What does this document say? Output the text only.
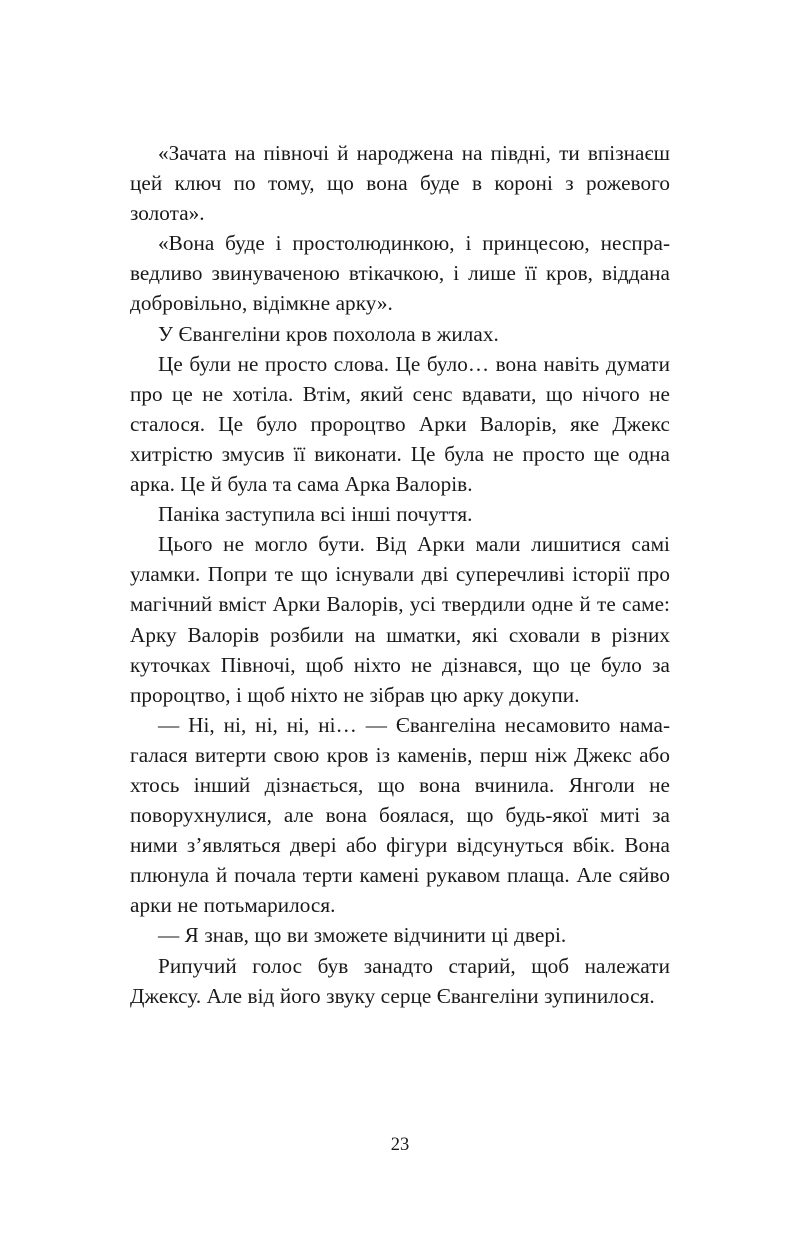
«Зачата на півночі й народжена на півдні, ти впізнаєш цей ключ по тому, що вона буде в короні з рожевого золота».

«Вона буде і простолюдинкою, і принцесою, несправедливо звинуваченою втікачкою, і лише її кров, віддана добровільно, відімкне арку».

У Євангеліни кров похолола в жилах.

Це були не просто слова. Це було… вона навіть думати про це не хотіла. Втім, який сенс вдавати, що нічого не сталося. Це було пророцтво Арки Валорів, яке Джекс хитрістю змусив її виконати. Це була не просто ще одна арка. Це й була та сама Арка Валорів.

Паніка заступила всі інші почуття.

Цього не могло бути. Від Арки мали лишитися самі уламки. Попри те що існували дві суперечливі історії про магічний вміст Арки Валорів, усі твердили одне й те саме: Арку Валорів розбили на шматки, які сховали в різних куточках Півночі, щоб ніхто не дізнався, що це було за пророцтво, і щоб ніхто не зібрав цю арку докупи.

— Ні, ні, ні, ні, ні… — Євангеліна несамовито намагалася витерти свою кров із каменів, перш ніж Джекс або хтось інший дізнається, що вона вчинила. Янголи не поворухнулися, але вона боялася, що будь-якої миті за ними з’являться двері або фігури відсунуться вбік. Вона плюнула й почала терти камені рукавом плаща. Але сяйво арки не потьмарилося.

— Я знав, що ви зможете відчинити ці двері.

Рипучий голос був занадто старий, щоб належати Джексу. Але від його звуку серце Євангеліни зупинилося.

23
